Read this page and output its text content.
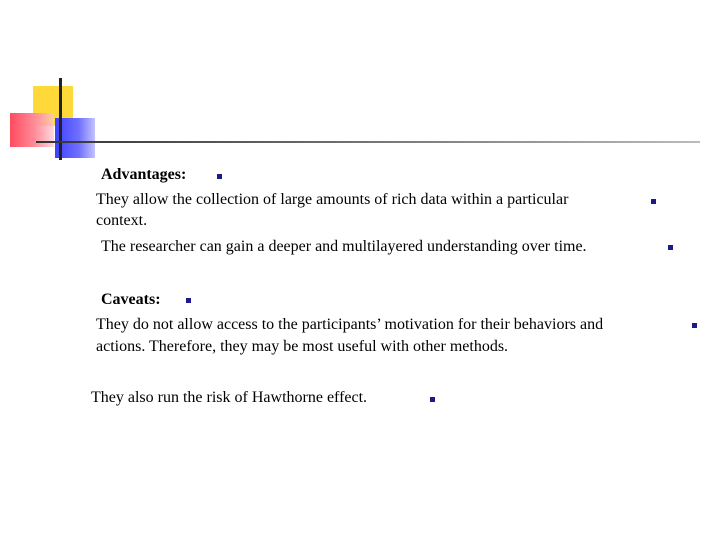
Advantages:
They allow the collection of large amounts of rich data within a particular
context.
The researcher can gain a deeper and multilayered understanding over time.
Caveats:
They do not allow access to the participants’ motivation for their behaviors and
actions. Therefore, they may be most useful with other methods.
They also run the risk of Hawthorne effect.
